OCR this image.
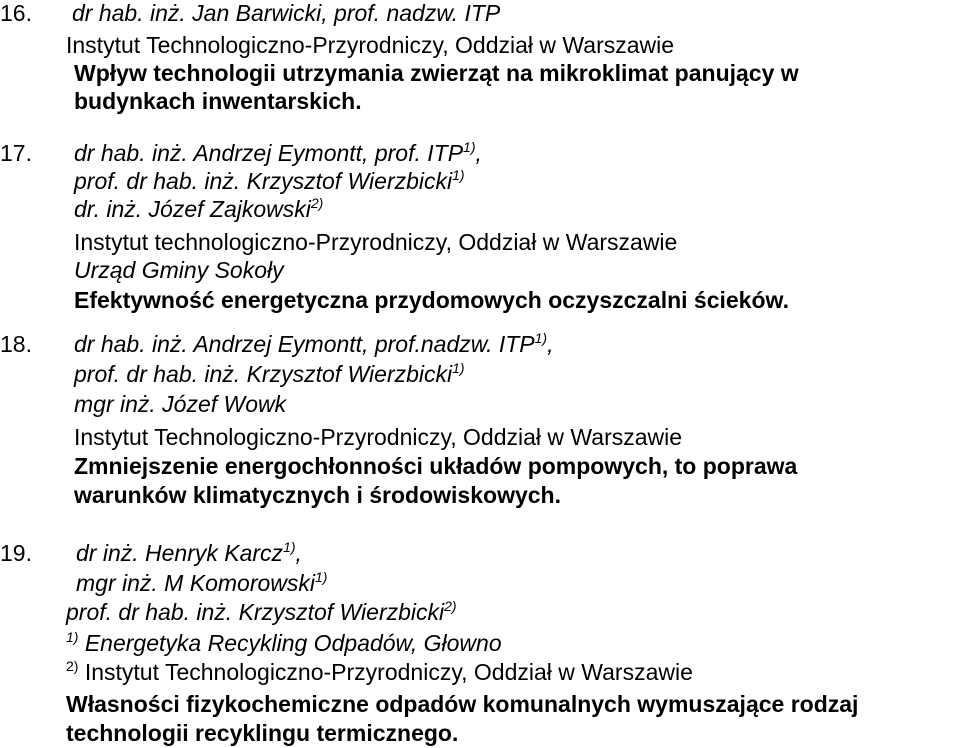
16. dr hab. inż. Jan Barwicki, prof. nadzw. ITP
Instytut Technologiczno-Przyrodniczy, Oddział w Warszawie
Wpływ technologii utrzymania zwierząt na mikroklimat panujący w
budynkach inwentarskich.
17. dr hab. inż. Andrzej Eymontt, prof. ITP$^{1)}$,
prof. dr hab. inż. Krzysztof Wierzbicki$^{1)}$
dr. inż. Józef Zajkowski$^{2)}$
Instytut technologiczno-Przyrodniczy, Oddział w Warszawie
Urząd Gminy Sokoły
Efektywność energetyczna przydomowych oczyszczalni ścieków.
18. dr hab. inż. Andrzej Eymontt, prof.nadzw. ITP$^{1)}$,
prof. dr hab. inż. Krzysztof Wierzbicki$^{1)}$
mgr inż. Józef Wowk
Instytut Technologiczno-Przyrodniczy, Oddział w Warszawie
Zmniejszenie energochłonności układów pompowych, to poprawa
warunków klimatycznych i środowiskowych.
19. dr inż. Henryk Karcz$^{1)}$,
mgr inż. M Komorowski$^{1)}$
prof. dr hab. inż. Krzysztof Wierzbicki$^{2)}$
$^{1)}$ Energetyka Recykling Odpadów, Głowno
$^{2)}$ Instytut Technologiczno-Przyrodniczy, Oddział w Warszawie
Własności fizykochemiczne odpadów komunalnych wymuszające rodzaj
technologii recyklingu termicznego.
